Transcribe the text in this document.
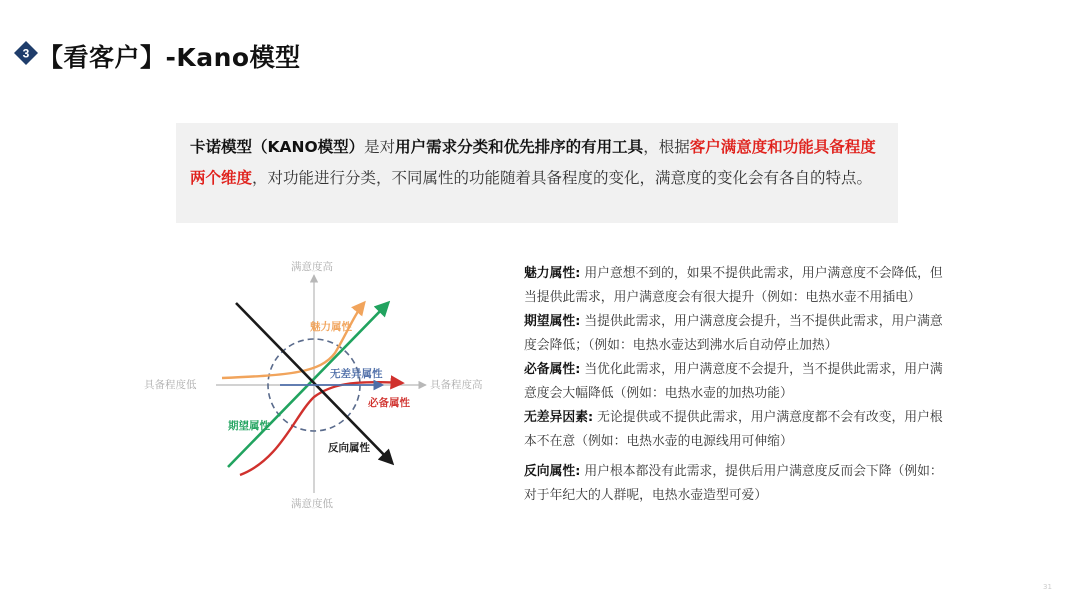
3 【看客户】-Kano模型
卡诺模型（KANO模型）是对用户需求分类和优先排序的有用工具，根据客户满意度和功能具备程度两个维度，对功能进行分类，不同属性的功能随着具备程度的变化，满意度的变化会有各自的特点。
满意度高
满意度低
具备程度低	具备程度高
魅力属性
无差异属性
必备属性
期望属性
反向属性
魅力属性: 用户意想不到的，如果不提供此需求，用户满意度不会降低，但当提供此需求，用户满意度会有很大提升（例如：电热水壶不用插电）
期望属性: 当提供此需求，用户满意度会提升，当不提供此需求，用户满意度会降低；（例如：电热水壶达到沸水后自动停止加热）
必备属性: 当优化此需求，用户满意度不会提升，当不提供此需求，用户满意度会大幅降低（例如：电热水壶的加热功能）
无差异因素: 无论提供或不提供此需求，用户满意度都不会有改变，用户根本不在意（例如：电热水壶的电源线用可伸缩）
反向属性: 用户根本都没有此需求，提供后用户满意度反而会下降（例如：对于年纪大的人群呢，电热水壶造型可爱）
31
